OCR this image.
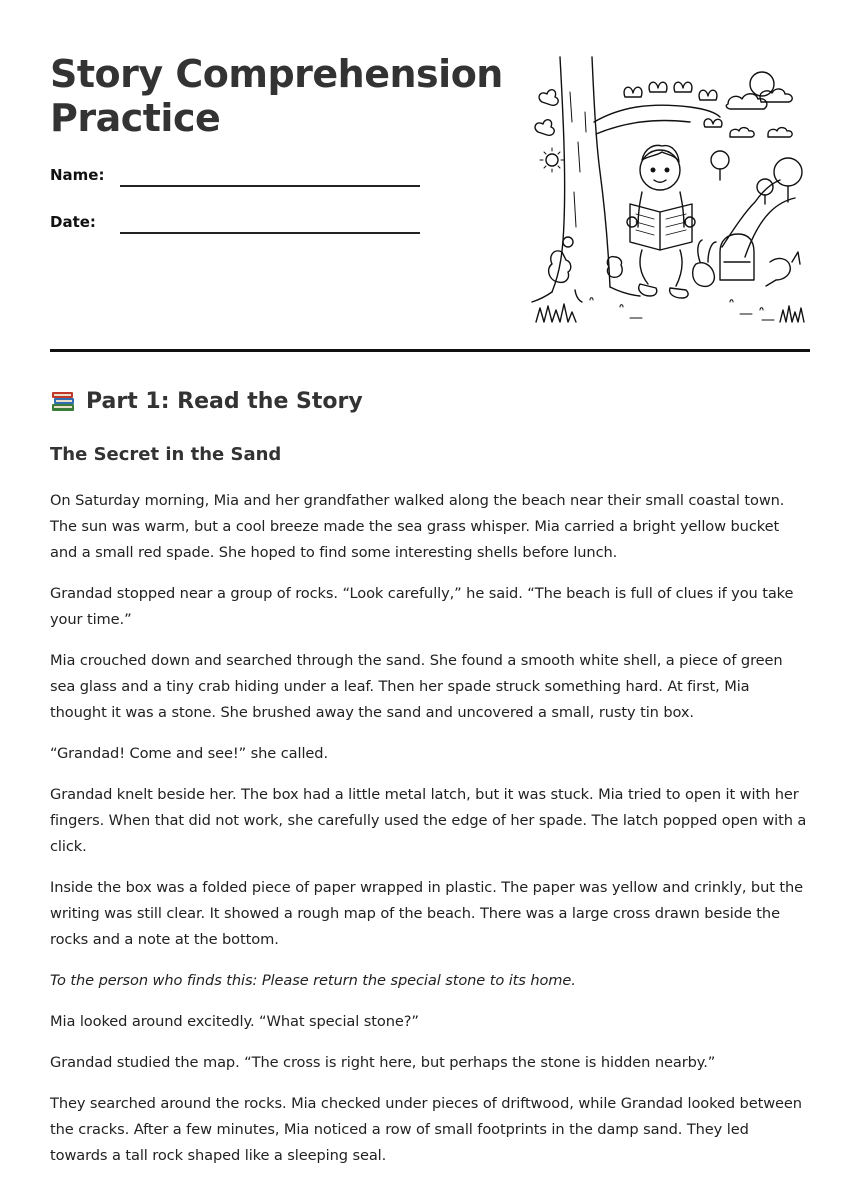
Story Comprehension Practice
Name:
Date:
Part 1: Read the Story
The Secret in the Sand

On Saturday morning, Mia and her grandfather walked along the beach near their small coastal town. The sun was warm, but a cool breeze made the sea grass whisper. Mia carried a bright yellow bucket and a small red spade. She hoped to find some interesting shells before lunch.

Grandad stopped near a group of rocks. “Look carefully,” he said. “The beach is full of clues if you take your time.”

Mia crouched down and searched through the sand. She found a smooth white shell, a piece of green sea glass and a tiny crab hiding under a leaf. Then her spade struck something hard. At first, Mia thought it was a stone. She brushed away the sand and uncovered a small, rusty tin box.

“Grandad! Come and see!” she called.

Grandad knelt beside her. The box had a little metal latch, but it was stuck. Mia tried to open it with her fingers. When that did not work, she carefully used the edge of her spade. The latch popped open with a click.

Inside the box was a folded piece of paper wrapped in plastic. The paper was yellow and crinkly, but the writing was still clear. It showed a rough map of the beach. There was a large cross drawn beside the rocks and a note at the bottom.

To the person who finds this: Please return the special stone to its home.

Mia looked around excitedly. “What special stone?”

Grandad studied the map. “The cross is right here, but perhaps the stone is hidden nearby.”

They searched around the rocks. Mia checked under pieces of driftwood, while Grandad looked between the cracks. After a few minutes, Mia noticed a row of small footprints in the damp sand. They led towards a tall rock shaped like a sleeping seal.
